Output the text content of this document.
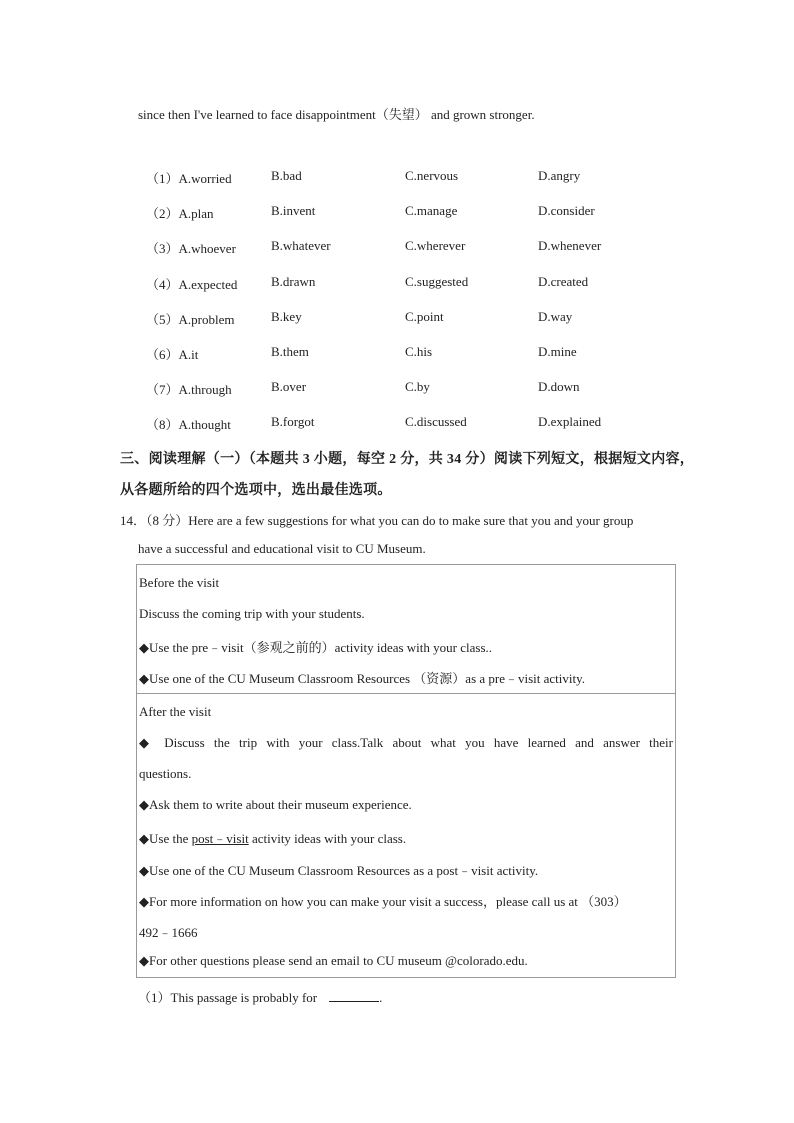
since then I've learned to face disappointment（失望） and grown stronger.
（1）A.worried	B.bad	C.nervous	D.angry
（2）A.plan	B.invent	C.manage	D.consider
（3）A.whoever	B.whatever	C.wherever	D.whenever
（4）A.expected	B.drawn	C.suggested	D.created
（5）A.problem	B.key	C.point	D.way
（6）A.it	B.them	C.his	D.mine
（7）A.through	B.over	C.by	D.down
（8）A.thought	B.forgot	C.discussed	D.explained
三、阅读理解（一）（本题共 3 小题，每空 2 分，共 34 分）阅读下列短文，根据短文内容，
从各题所给的四个选项中，选出最佳选项。
14．（8 分）Here are a few suggestions for what you can do to make sure that you and your group
have a successful and educational visit to CU Museum.
Before the visit
Discuss the coming trip with your students.
◆Use the pre﹣visit（参观之前的）activity ideas with your class..
◆Use one of the CU Museum Classroom Resources （资源）as a pre﹣visit activity.
After the visit
◆ Discuss the trip with your class.Talk about what you have learned and answer their
questions.
◆Ask them to write about their museum experience.
◆Use the post﹣visit activity ideas with your class.
◆Use one of the CU Museum Classroom Resources as a post﹣visit activity.
◆For more information on how you can make your visit a success，please call us at （303）
492﹣1666
◆For other questions please send an email to CU museum @colorado.edu.
（1）This passage is probably for	.
